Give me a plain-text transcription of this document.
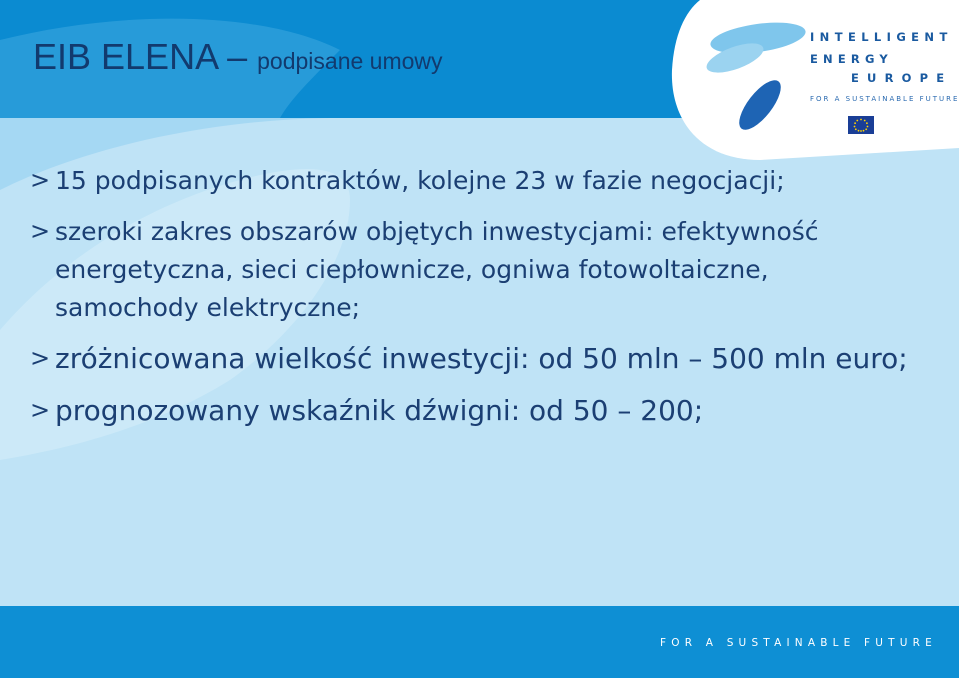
EIB ELENA – podpisane umowy
INTELLIGENT
ENERGY
EUROPE
FOR A SUSTAINABLE FUTURE
> 15 podpisanych kontraktów, kolejne 23 w fazie negocjacji;
> szeroki zakres obszarów objętych inwestycjami: efektywność energetyczna, sieci ciepłownicze, ogniwa fotowoltaiczne, samochody elektryczne;
> zróżnicowana wielkość inwestycji: od 50 mln – 500 mln euro;
> prognozowany wskaźnik dźwigni: od 50 – 200;
FOR A SUSTAINABLE FUTURE
